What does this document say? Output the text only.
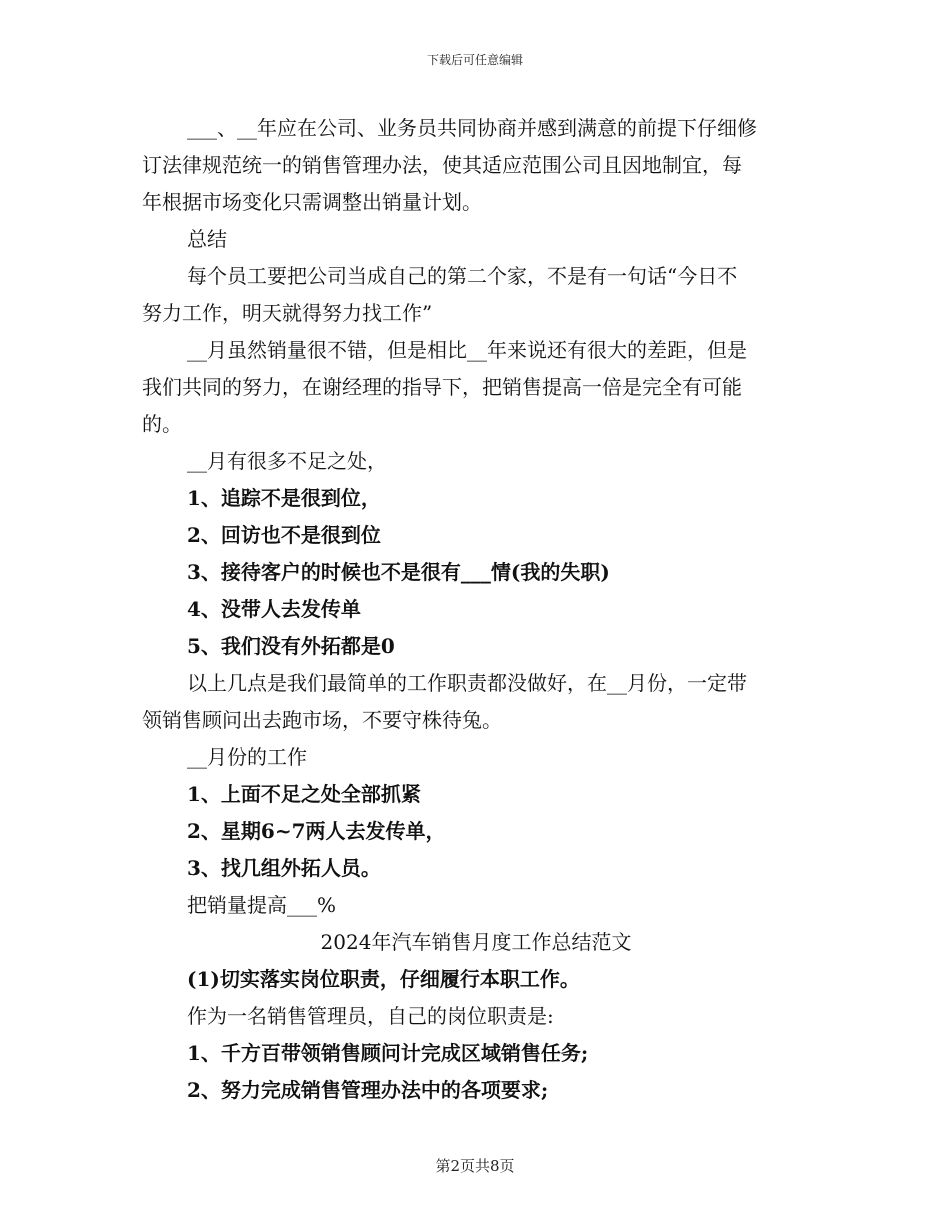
下载后可任意编辑

___、__年应在公司、业务员共同协商并感到满意的前提下仔细修

订法律规范统一的销售管理办法，使其适应范围公司且因地制宜，每

年根据市场变化只需调整出销量计划。

总结

每个员工要把公司当成自己的第二个家，不是有一句话“今日不

努力工作，明天就得努力找工作”

__月虽然销量很不错，但是相比__年来说还有很大的差距，但是

我们共同的努力，在谢经理的指导下，把销售提高一倍是完全有可能

的。

__月有很多不足之处，

1、追踪不是很到位，

2、回访也不是很到位

3、接待客户的时候也不是很有___情(我的失职)

4、没带人去发传单

5、我们没有外拓都是0

以上几点是我们最简单的工作职责都没做好，在__月份，一定带

领销售顾问出去跑市场，不要守株待兔。

__月份的工作

1、上面不足之处全部抓紧

2、星期6~7两人去发传单，

3、找几组外拓人员。

把销量提高___%

2024年汽车销售月度工作总结范文

(1)切实落实岗位职责，仔细履行本职工作。

作为一名销售管理员，自己的岗位职责是:

1、千方百带领销售顾问计完成区域销售任务;

2、努力完成销售管理办法中的各项要求;

第2页共8页
